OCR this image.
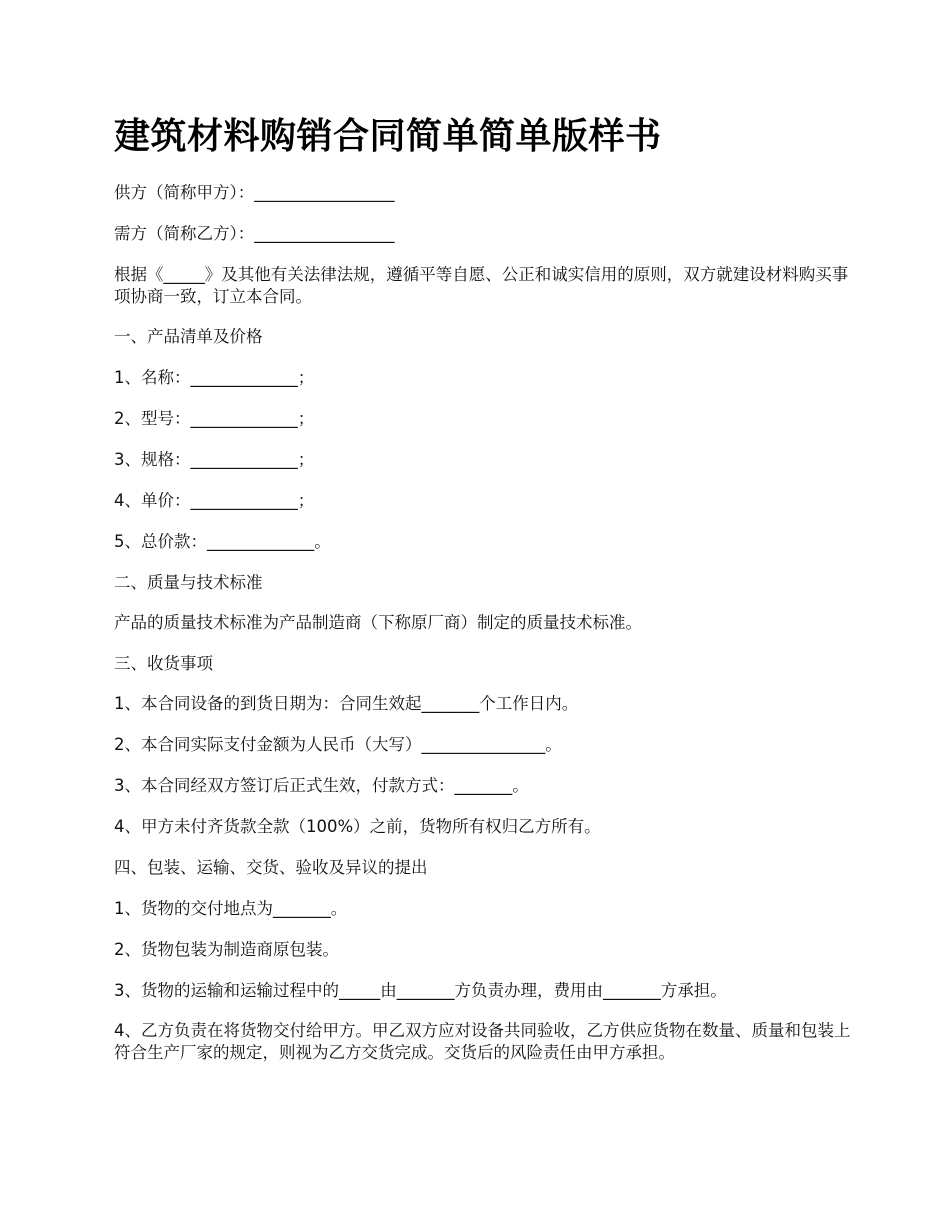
建筑材料购销合同简单简单版样书
供方（简称甲方）：_________________
需方（简称乙方）：_________________
根据《_____》及其他有关法律法规，遵循平等自愿、公正和诚实信用的原则，双方就建设材料购买事项协商一致，订立本合同。
一、产品清单及价格
1、名称：_____________；
2、型号：_____________；
3、规格：_____________；
4、单价：_____________；
5、总价款：_____________。
二、质量与技术标准
产品的质量技术标准为产品制造商（下称原厂商）制定的质量技术标准。
三、收货事项
1、本合同设备的到货日期为：合同生效起_______个工作日内。
2、本合同实际支付金额为人民币（大写）_______________。
3、本合同经双方签订后正式生效，付款方式：_______。
4、甲方未付齐货款全款（100%）之前，货物所有权归乙方所有。
四、包装、运输、交货、验收及异议的提出
1、货物的交付地点为_______。
2、货物包装为制造商原包装。
3、货物的运输和运输过程中的_____由_______方负责办理，费用由_______方承担。
4、乙方负责在将货物交付给甲方。甲乙双方应对设备共同验收，乙方供应货物在数量、质量和包装上符合生产厂家的规定，则视为乙方交货完成。交货后的风险责任由甲方承担。
